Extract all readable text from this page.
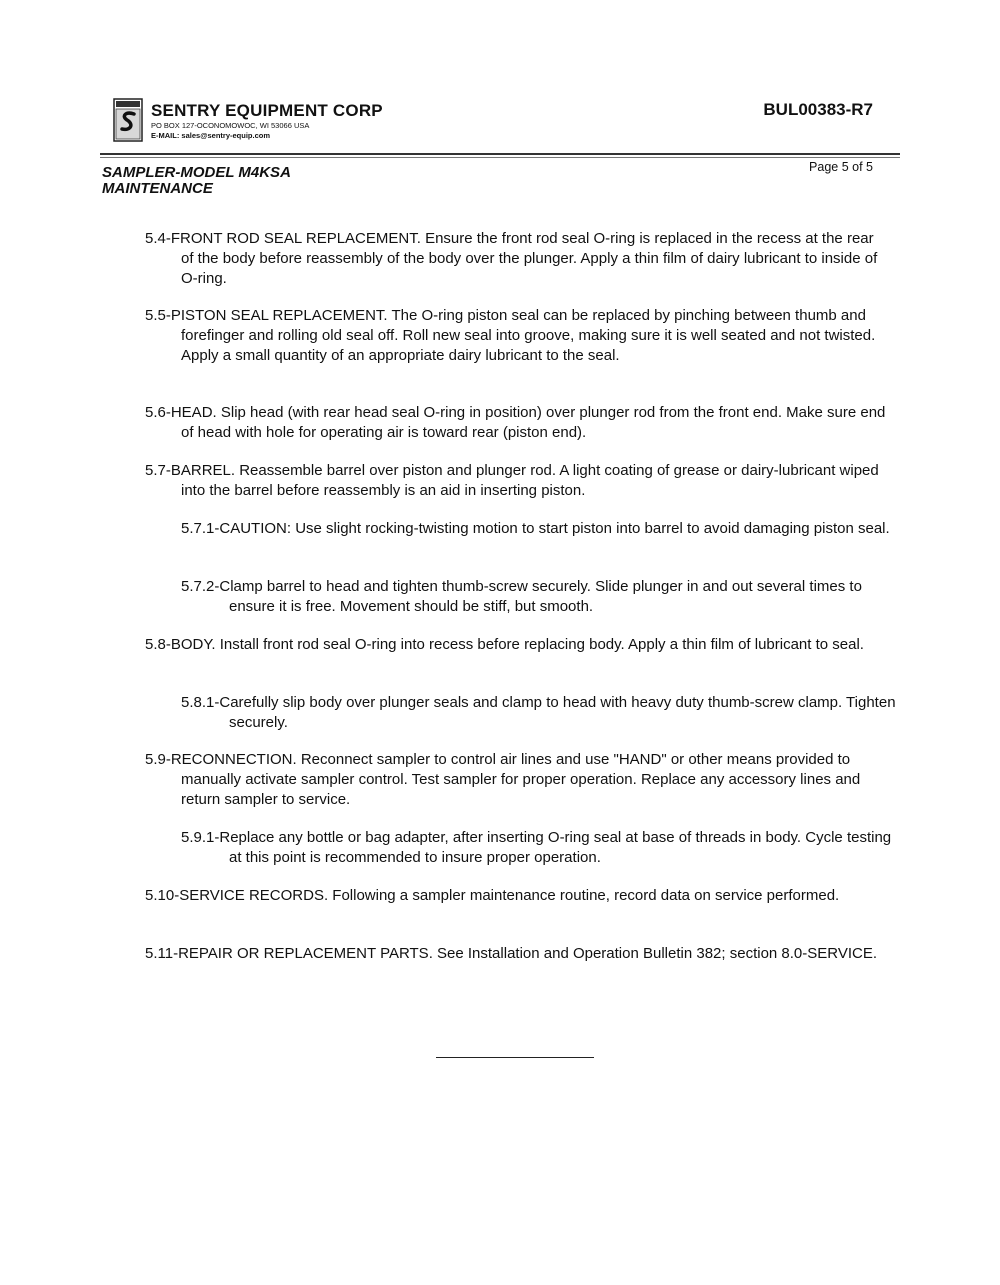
SENTRY EQUIPMENT CORP
PO BOX 127-OCONOMOWOC, WI 53066 USA
E-MAIL: sales@sentry-equip.com
BUL00383-R7
SAMPLER-MODEL M4KSA
MAINTENANCE
Page 5 of 5
5.4-FRONT ROD SEAL REPLACEMENT. Ensure the front rod seal O-ring is replaced in the recess at the rear of the body before reassembly of the body over the plunger. Apply a thin film of dairy lubricant to inside of O-ring.
5.5-PISTON SEAL REPLACEMENT. The O-ring piston seal can be replaced by pinching between thumb and forefinger and rolling old seal off. Roll new seal into groove, making sure it is well seated and not twisted. Apply a small quantity of an appropriate dairy lubricant to the seal.
5.6-HEAD. Slip head (with rear head seal O-ring in position) over plunger rod from the front end. Make sure end of head with hole for operating air is toward rear (piston end).
5.7-BARREL. Reassemble barrel over piston and plunger rod. A light coating of grease or dairy-lubricant wiped into the barrel before reassembly is an aid in inserting piston.
5.7.1-CAUTION: Use slight rocking-twisting motion to start piston into barrel to avoid damaging piston seal.
5.7.2-Clamp barrel to head and tighten thumb-screw securely. Slide plunger in and out several times to ensure it is free. Movement should be stiff, but smooth.
5.8-BODY. Install front rod seal O-ring into recess before replacing body. Apply a thin film of lubricant to seal.
5.8.1-Carefully slip body over plunger seals and clamp to head with heavy duty thumb-screw clamp. Tighten securely.
5.9-RECONNECTION. Reconnect sampler to control air lines and use "HAND" or other means provided to manually activate sampler control. Test sampler for proper operation. Replace any accessory lines and return sampler to service.
5.9.1-Replace any bottle or bag adapter, after inserting O-ring seal at base of threads in body. Cycle testing at this point is recommended to insure proper operation.
5.10-SERVICE RECORDS. Following a sampler maintenance routine, record data on service performed.
5.11-REPAIR OR REPLACEMENT PARTS. See Installation and Operation Bulletin 382; section 8.0-SERVICE.
